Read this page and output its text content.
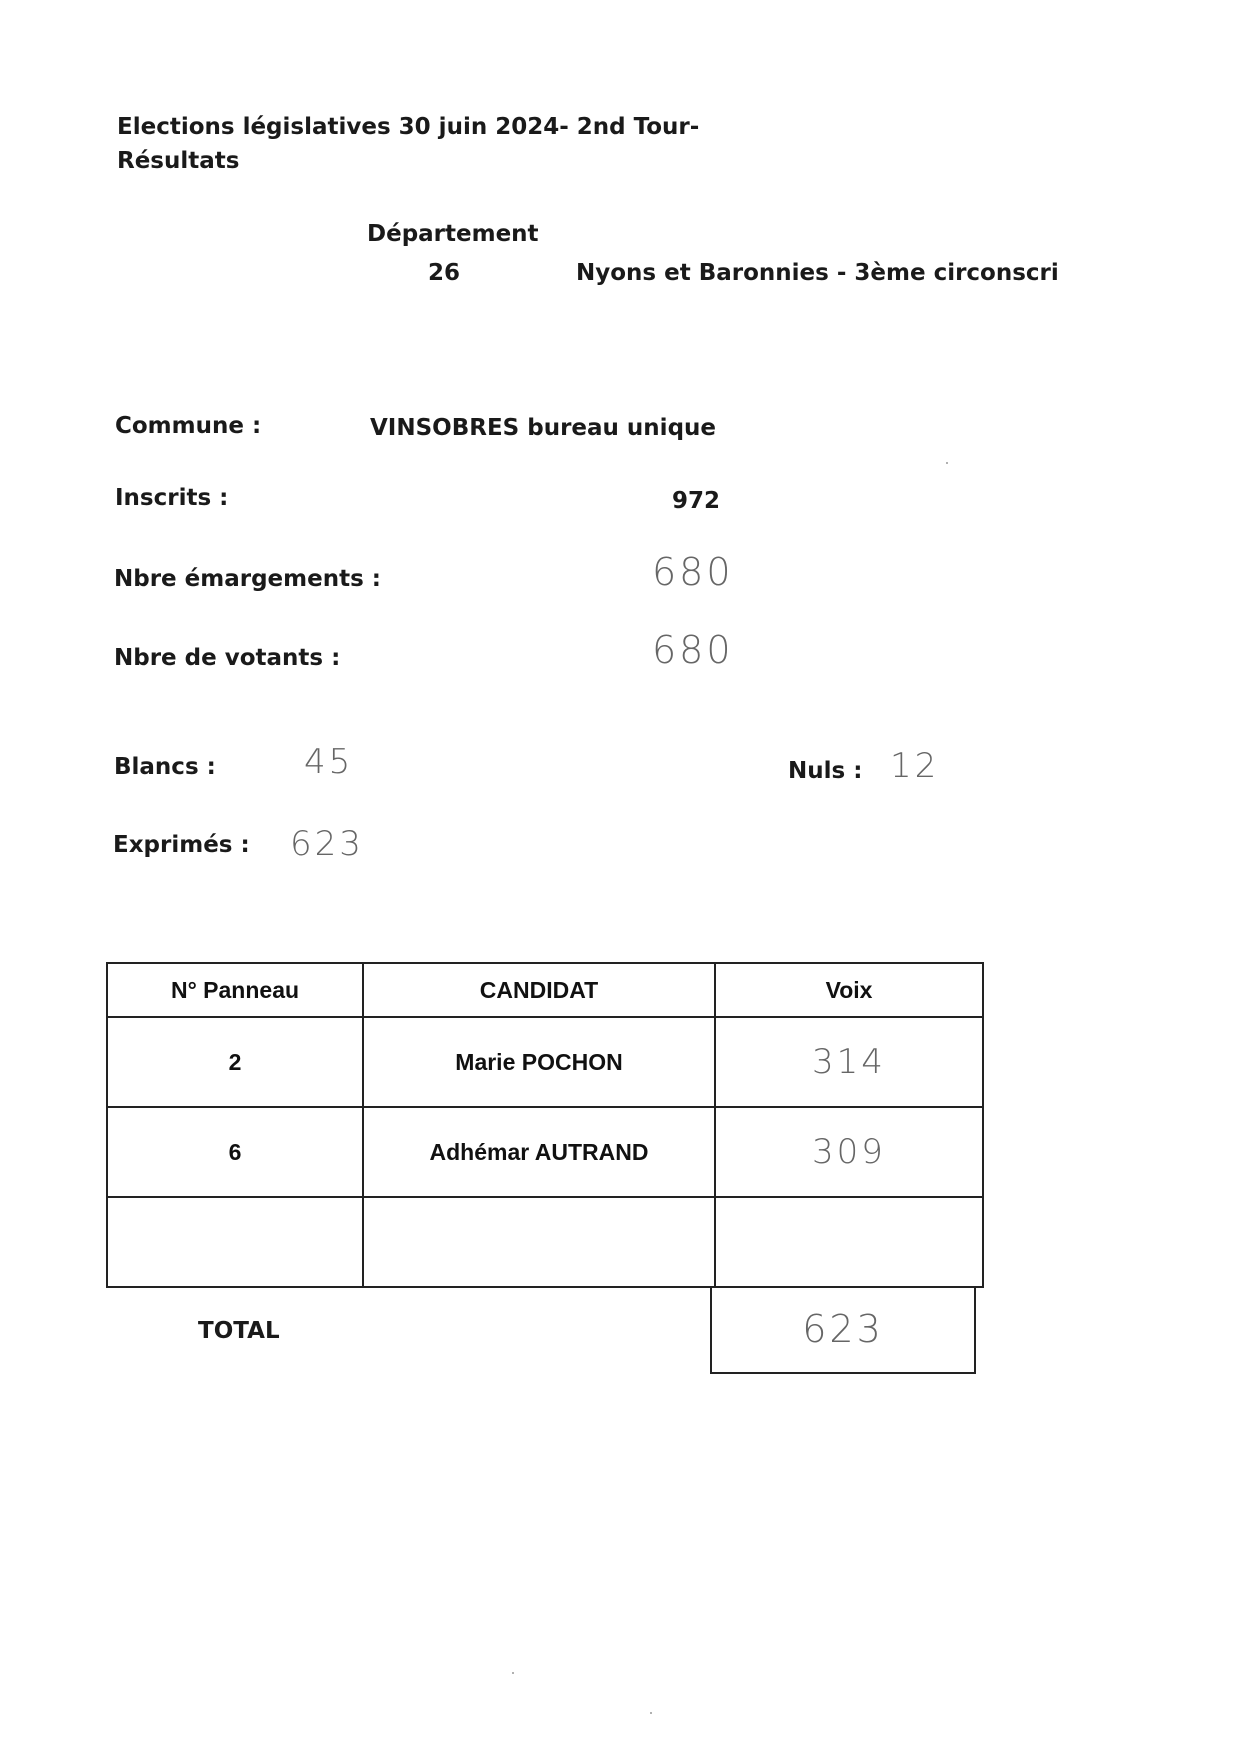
Elections législatives 30 juin 2024- 2nd Tour-
Résultats
Département
26	Nyons et Baronnies - 3ème circonscri
Commune :	VINSOBRES bureau unique
Inscrits :	972
Nbre émargements :	680
Nbre de votants :	680
Blancs :	45	Nuls : 12
Exprimés : 623
N° Panneau	CANDIDAT	Voix
2	Marie POCHON	314
6	Adhémar AUTRAND	309

TOTAL	623
